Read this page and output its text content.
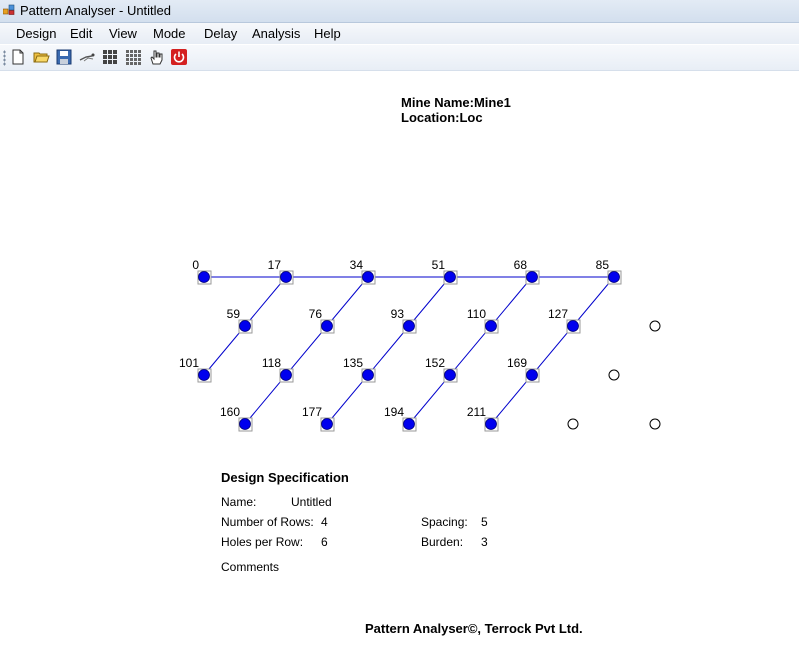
Pattern Analyser - Untitled
Design Edit View Mode Delay Analysis Help
Mine Name:Mine1
Location:Loc
0	17	34	51	68	85
59	76	93	110	127
101	118	135	152	169
160	177	194	211
Design Specification
Name:	Untitled
Number of Rows: 4
Holes per Row: 6
Spacing: 5
Burden: 3
Comments
Pattern Analyser©, Terrock Pvt Ltd.
